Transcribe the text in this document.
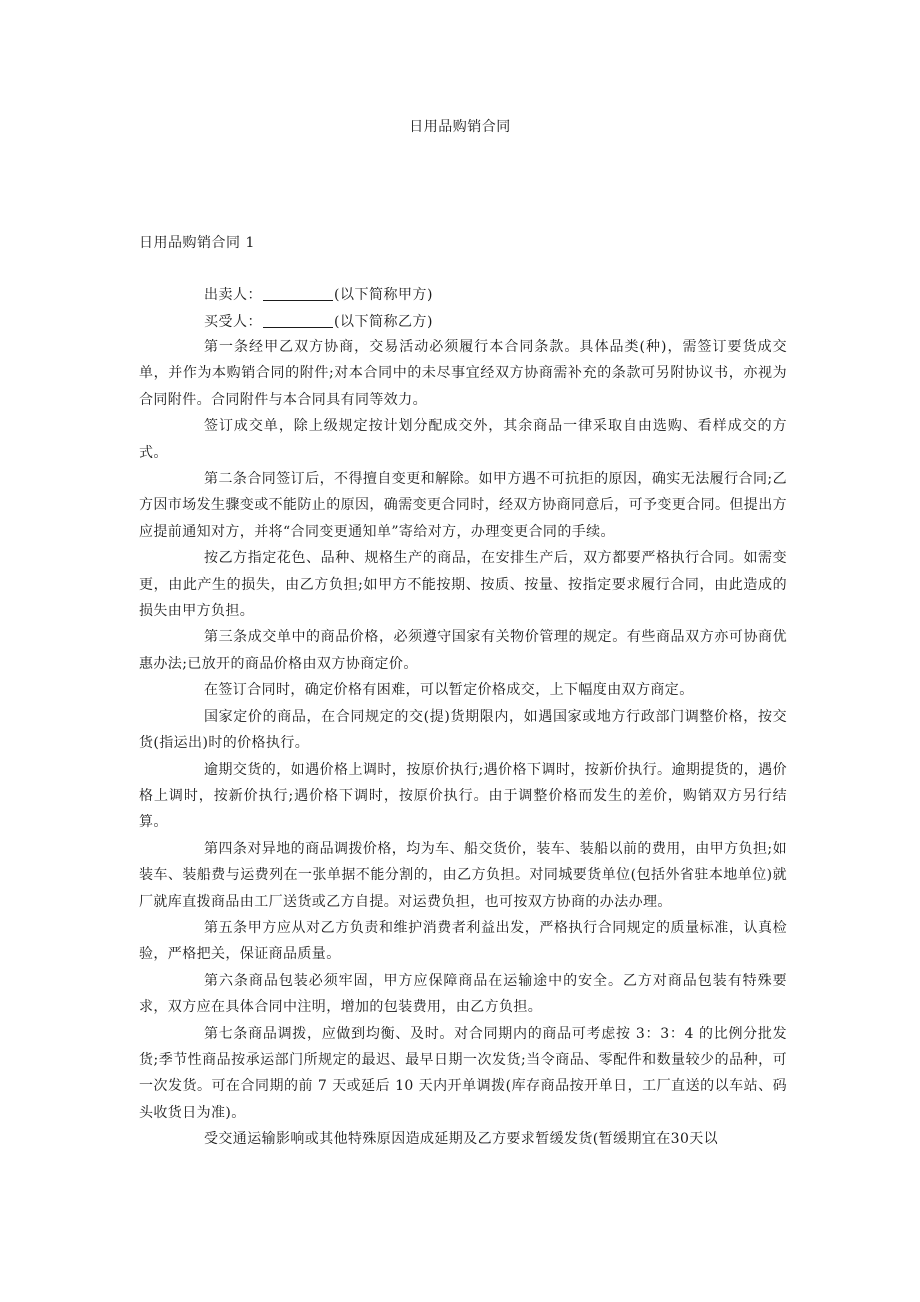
日用品购销合同
日用品购销合同 1
出卖人：	(以下简称甲方)
买受人：	(以下简称乙方)

第一条经甲乙双方协商，交易活动必须履行本合同条款。具体品类(种)，需签订要货成交单，并作为本购销合同的附件;对本合同中的未尽事宜经双方协商需补充的条款可另附协议书，亦视为合同附件。合同附件与本合同具有同等效力。

签订成交单，除上级规定按计划分配成交外，其余商品一律采取自由选购、看样成交的方式。

第二条合同签订后，不得擅自变更和解除。如甲方遇不可抗拒的原因，确实无法履行合同;乙方因市场发生骤变或不能防止的原因，确需变更合同时，经双方协商同意后，可予变更合同。但提出方应提前通知对方，并将“合同变更通知单”寄给对方，办理变更合同的手续。

按乙方指定花色、品种、规格生产的商品，在安排生产后，双方都要严格执行合同。如需变更，由此产生的损失，由乙方负担;如甲方不能按期、按质、按量、按指定要求履行合同，由此造成的损失由甲方负担。

第三条成交单中的商品价格，必须遵守国家有关物价管理的规定。有些商品双方亦可协商优惠办法;已放开的商品价格由双方协商定价。

在签订合同时，确定价格有困难，可以暂定价格成交，上下幅度由双方商定。

国家定价的商品，在合同规定的交(提)货期限内，如遇国家或地方行政部门调整价格，按交货(指运出)时的价格执行。

逾期交货的，如遇价格上调时，按原价执行;遇价格下调时，按新价执行。逾期提货的，遇价格上调时，按新价执行;遇价格下调时，按原价执行。由于调整价格而发生的差价，购销双方另行结算。

第四条对异地的商品调拨价格，均为车、船交货价，装车、装船以前的费用，由甲方负担;如装车、装船费与运费列在一张单据不能分割的，由乙方负担。对同城要货单位(包括外省驻本地单位)就厂就库直拨商品由工厂送货或乙方自提。对运费负担，也可按双方协商的办法办理。

第五条甲方应从对乙方负责和维护消费者利益出发，严格执行合同规定的质量标准，认真检验，严格把关，保证商品质量。

第六条商品包装必须牢固，甲方应保障商品在运输途中的安全。乙方对商品包装有特殊要求，双方应在具体合同中注明，增加的包装费用，由乙方负担。

第七条商品调拨，应做到均衡、及时。对合同期内的商品可考虑按 3：3：4 的比例分批发货;季节性商品按承运部门所规定的最迟、最早日期一次发货;当令商品、零配件和数量较少的品种，可一次发货。可在合同期的前 7 天或延后 10 天内开单调拨(库存商品按开单日，工厂直送的以车站、码头收货日为准)。

受交通运输影响或其他特殊原因造成延期及乙方要求暂缓发货(暂缓期宜在30天以
